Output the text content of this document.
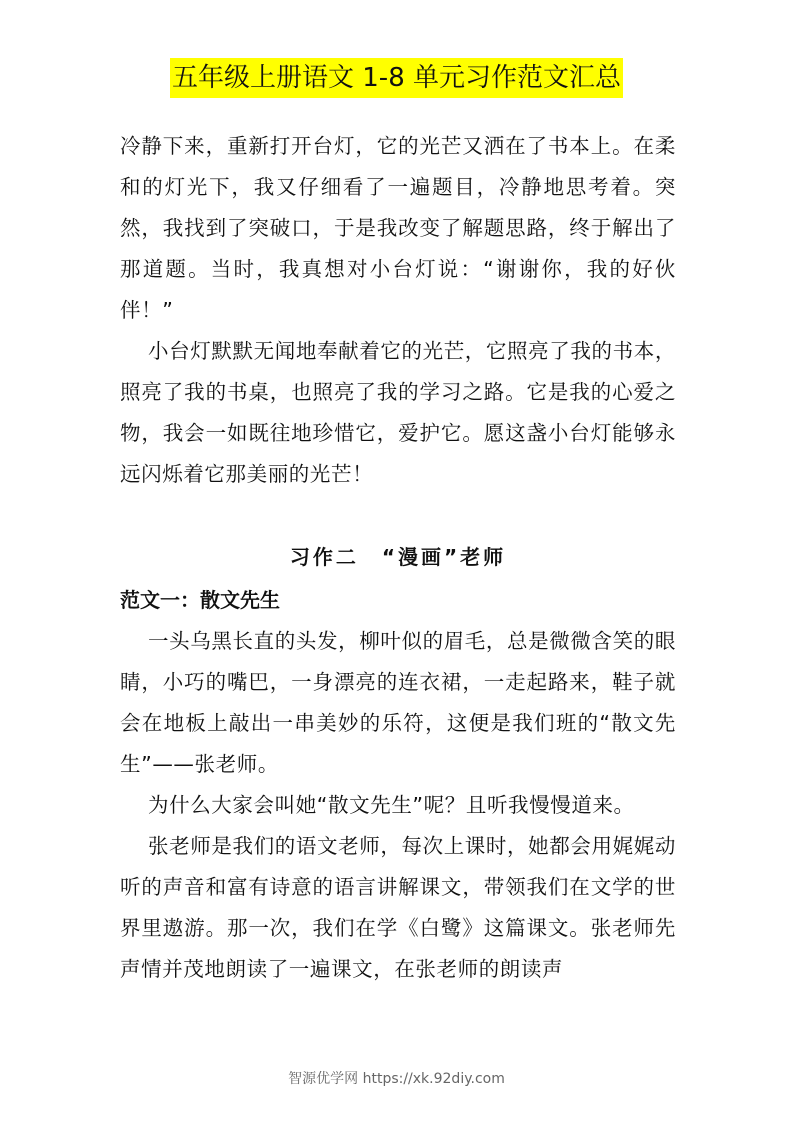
五年级上册语文 1-8 单元习作范文汇总

冷静下来，重新打开台灯，它的光芒又洒在了书本上。在柔和的灯光下，我又仔细看了一遍题目，冷静地思考着。突然，我找到了突破口，于是我改变了解题思路，终于解出了那道题。当时，我真想对小台灯说：“谢谢你，我的好伙伴！”

小台灯默默无闻地奉献着它的光芒，它照亮了我的书本，照亮了我的书桌，也照亮了我的学习之路。它是我的心爱之物，我会一如既往地珍惜它，爱护它。愿这盏小台灯能够永远闪烁着它那美丽的光芒！

习作二　“漫画”老师

范文一：散文先生

一头乌黑长直的头发，柳叶似的眉毛，总是微微含笑的眼睛，小巧的嘴巴，一身漂亮的连衣裙，一走起路来，鞋子就会在地板上敲出一串美妙的乐符，这便是我们班的“散文先生”——张老师。

为什么大家会叫她“散文先生”呢？且听我慢慢道来。

张老师是我们的语文老师，每次上课时，她都会用娓娓动听的声音和富有诗意的语言讲解课文，带领我们在文学的世界里遨游。那一次，我们在学《白鹭》这篇课文。张老师先声情并茂地朗读了一遍课文，在张老师的朗读声

智源优学网 https://xk.92diy.com
